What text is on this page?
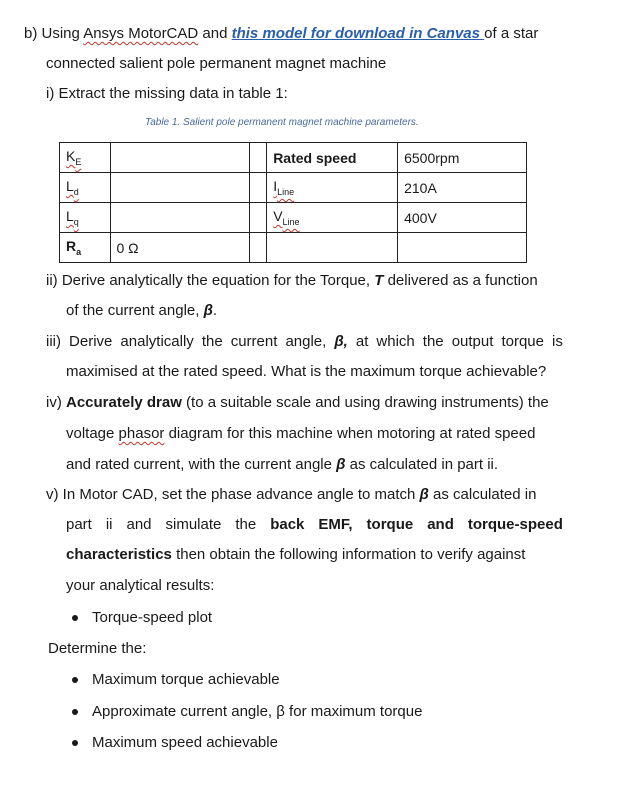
b) Using Ansys MotorCAD and this model for download in Canvas of a star
connected salient pole permanent magnet machine
i) Extract the missing data in table 1:
Table 1. Salient pole permanent magnet machine parameters.
$K_E$			Rated speed	6500rpm
$L_d$			$I_{Line}$	210A
$L_q$			$V_{Line}$	400V
$R_a$	0 Ω			
ii) Derive analytically the equation for the Torque, T delivered as a function
of the current angle, β.
iii) Derive analytically the current angle, β, at which the output torque is
maximised at the rated speed. What is the maximum torque achievable?
iv) Accurately draw (to a suitable scale and using drawing instruments) the
voltage phasor diagram for this machine when motoring at rated speed
and rated current, with the current angle β as calculated in part ii.
v) In Motor CAD, set the phase advance angle to match β as calculated in
part ii and simulate the back EMF, torque and torque-speed
characteristics then obtain the following information to verify against
your analytical results:
Torque-speed plot
Determine the:
Maximum torque achievable
Approximate current angle, β for maximum torque
Maximum speed achievable
